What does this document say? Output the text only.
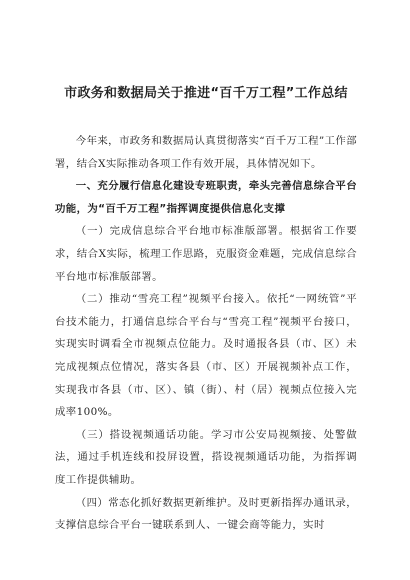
市政务和数据局关于推进“百千万工程”工作总结

今年来，市政务和数据局认真贯彻落实“百千万工程”工作部署，结合X实际推动各项工作有效开展，具体情况如下。

一、充分履行信息化建设专班职责，牵头完善信息综合平台功能，为“百千万工程”指挥调度提供信息化支撑

（一）完成信息综合平台地市标准版部署。根据省工作要求，结合X实际，梳理工作思路，克服资金难题，完成信息综合平台地市标准版部署。

（二）推动“雪亮工程”视频平台接入。依托“一网统管”平台技术能力，打通信息综合平台与“雪亮工程”视频平台接口，实现实时调看全市视频点位能力。及时通报各县（市、区）未完成视频点位情况，落实各县（市、区）开展视频补点工作，实现我市各县（市、区）、镇（街）、村（居）视频点位接入完成率100%。

（三）搭设视频通话功能。学习市公安局视频接、处警做法，通过手机连线和投屏设置，搭设视频通话功能，为指挥调度工作提供辅助。

（四）常态化抓好数据更新维护。及时更新指挥办通讯录，支撑信息综合平台一键联系到人、一键会商等能力，实时
